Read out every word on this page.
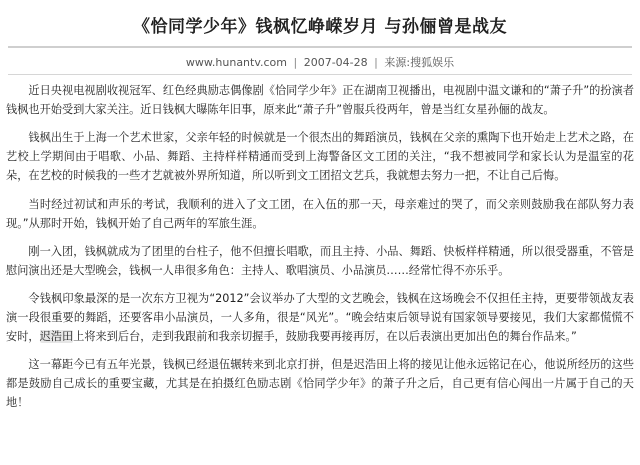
《恰同学少年》钱枫忆峥嵘岁月 与孙俪曾是战友
www.hunantv.com | 2007-04-28 | 来源:搜狐娱乐

近日央视电视剧收视冠军、红色经典励志偶像剧《恰同学少年》正在湖南卫视播出，电视剧中温文谦和的“萧子升”的扮演者钱枫也开始受到大家关注。近日钱枫大曝陈年旧事，原来此“萧子升”曾服兵役两年，曾是当红女星孙俪的战友。

钱枫出生于上海一个艺术世家，父亲年轻的时候就是一个很杰出的舞蹈演员，钱枫在父亲的熏陶下也开始走上艺术之路，在艺校上学期间由于唱歌、小品、舞蹈、主持样样精通而受到上海警备区文工团的关注，“我不想被同学和家长认为是温室的花朵，在艺校的时候我的一些才艺就被外界所知道，所以听到文工团招文艺兵，我就想去努力一把，不让自己后悔。

当时经过初试和声乐的考试，我顺利的进入了文工团，在入伍的那一天，母亲难过的哭了，而父亲则鼓励我在部队努力表现。”从那时开始，钱枫开始了自己两年的军旅生涯。

刚一入团，钱枫就成为了团里的台柱子，他不但擅长唱歌，而且主持、小品、舞蹈、快板样样精通，所以很受器重，不管是慰问演出还是大型晚会，钱枫一人串很多角色：主持人、歌唱演员、小品演员……经常忙得不亦乐乎。

令钱枫印象最深的是一次东方卫视为“2012”会议举办了大型的文艺晚会，钱枫在这场晚会不仅担任主持，更要带领战友表演一段很重要的舞蹈，还要客串小品演员，一人多角，很是“风光”。“晚会结束后领导说有国家领导要接见，我们大家都慌慌不安时，迟浩田上将来到后台，走到我跟前和我亲切握手，鼓励我要再接再厉，在以后表演出更加出色的舞台作品来。”

这一幕距今已有五年光景，钱枫已经退伍辗转来到北京打拼，但是迟浩田上将的接见让他永远铭记在心，他说所经历的这些都是鼓励自己成长的重要宝藏，尤其是在拍摄红色励志剧《恰同学少年》的萧子升之后，自己更有信心闯出一片属于自己的天地！
